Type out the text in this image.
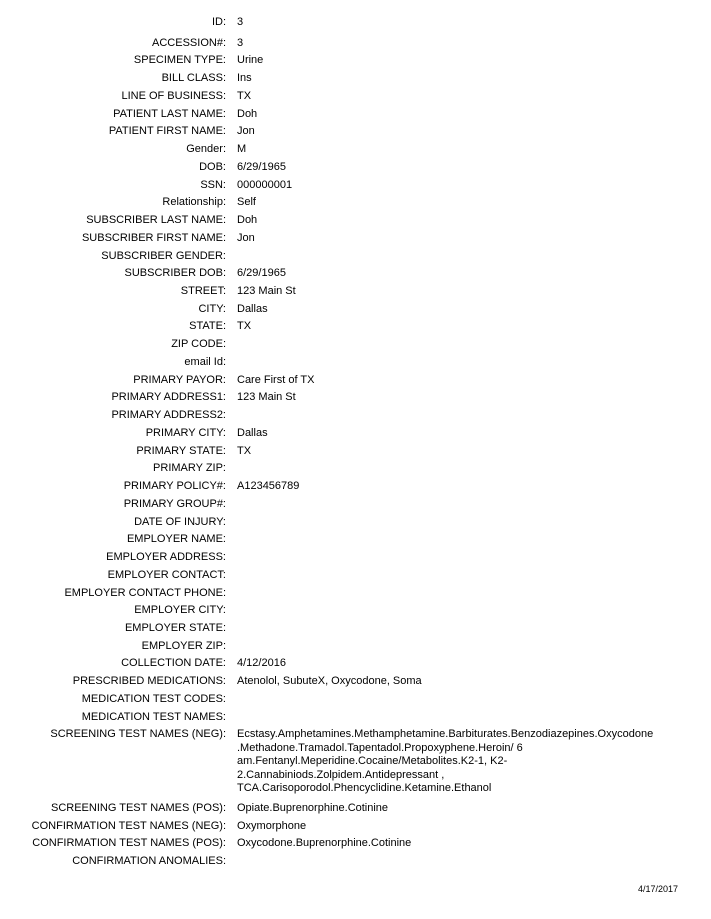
ID: 3
ACCESSION#: 3
SPECIMEN TYPE: Urine
BILL CLASS: Ins
LINE OF BUSINESS: TX
PATIENT LAST NAME: Doh
PATIENT FIRST NAME: Jon
Gender: M
DOB: 6/29/1965
SSN: 000000001
Relationship: Self
SUBSCRIBER LAST NAME: Doh
SUBSCRIBER FIRST NAME: Jon
SUBSCRIBER GENDER:
SUBSCRIBER DOB: 6/29/1965
STREET: 123 Main St
CITY: Dallas
STATE: TX
ZIP CODE:
email Id:
PRIMARY PAYOR: Care First of TX
PRIMARY ADDRESS1: 123 Main St
PRIMARY ADDRESS2:
PRIMARY CITY: Dallas
PRIMARY STATE: TX
PRIMARY ZIP:
PRIMARY POLICY#: A123456789
PRIMARY GROUP#:
DATE OF INJURY:
EMPLOYER NAME:
EMPLOYER ADDRESS:
EMPLOYER CONTACT:
EMPLOYER CONTACT PHONE:
EMPLOYER CITY:
EMPLOYER STATE:
EMPLOYER ZIP:
COLLECTION DATE: 4/12/2016
PRESCRIBED MEDICATIONS: Atenolol, SubuteX, Oxycodone, Soma
MEDICATION TEST CODES:
MEDICATION TEST NAMES:
SCREENING TEST NAMES (NEG): Ecstasy.Amphetamines.Methamphetamine.Barbiturates.Benzodiazepines.Oxycodone
.Methadone.Tramadol.Tapentadol.Propoxyphene.Heroin/ 6
am.Fentanyl.Meperidine.Cocaine/Metabolites.K2-1, K2-
2.Cannabiniods.Zolpidem.Antidepressant ,
TCA.Carisoporodol.Phencyclidine.Ketamine.Ethanol
SCREENING TEST NAMES (POS): Opiate.Buprenorphine.Cotinine
CONFIRMATION TEST NAMES (NEG): Oxymorphone
CONFIRMATION TEST NAMES (POS): Oxycodone.Buprenorphine.Cotinine
CONFIRMATION ANOMALIES:
4/17/2017
